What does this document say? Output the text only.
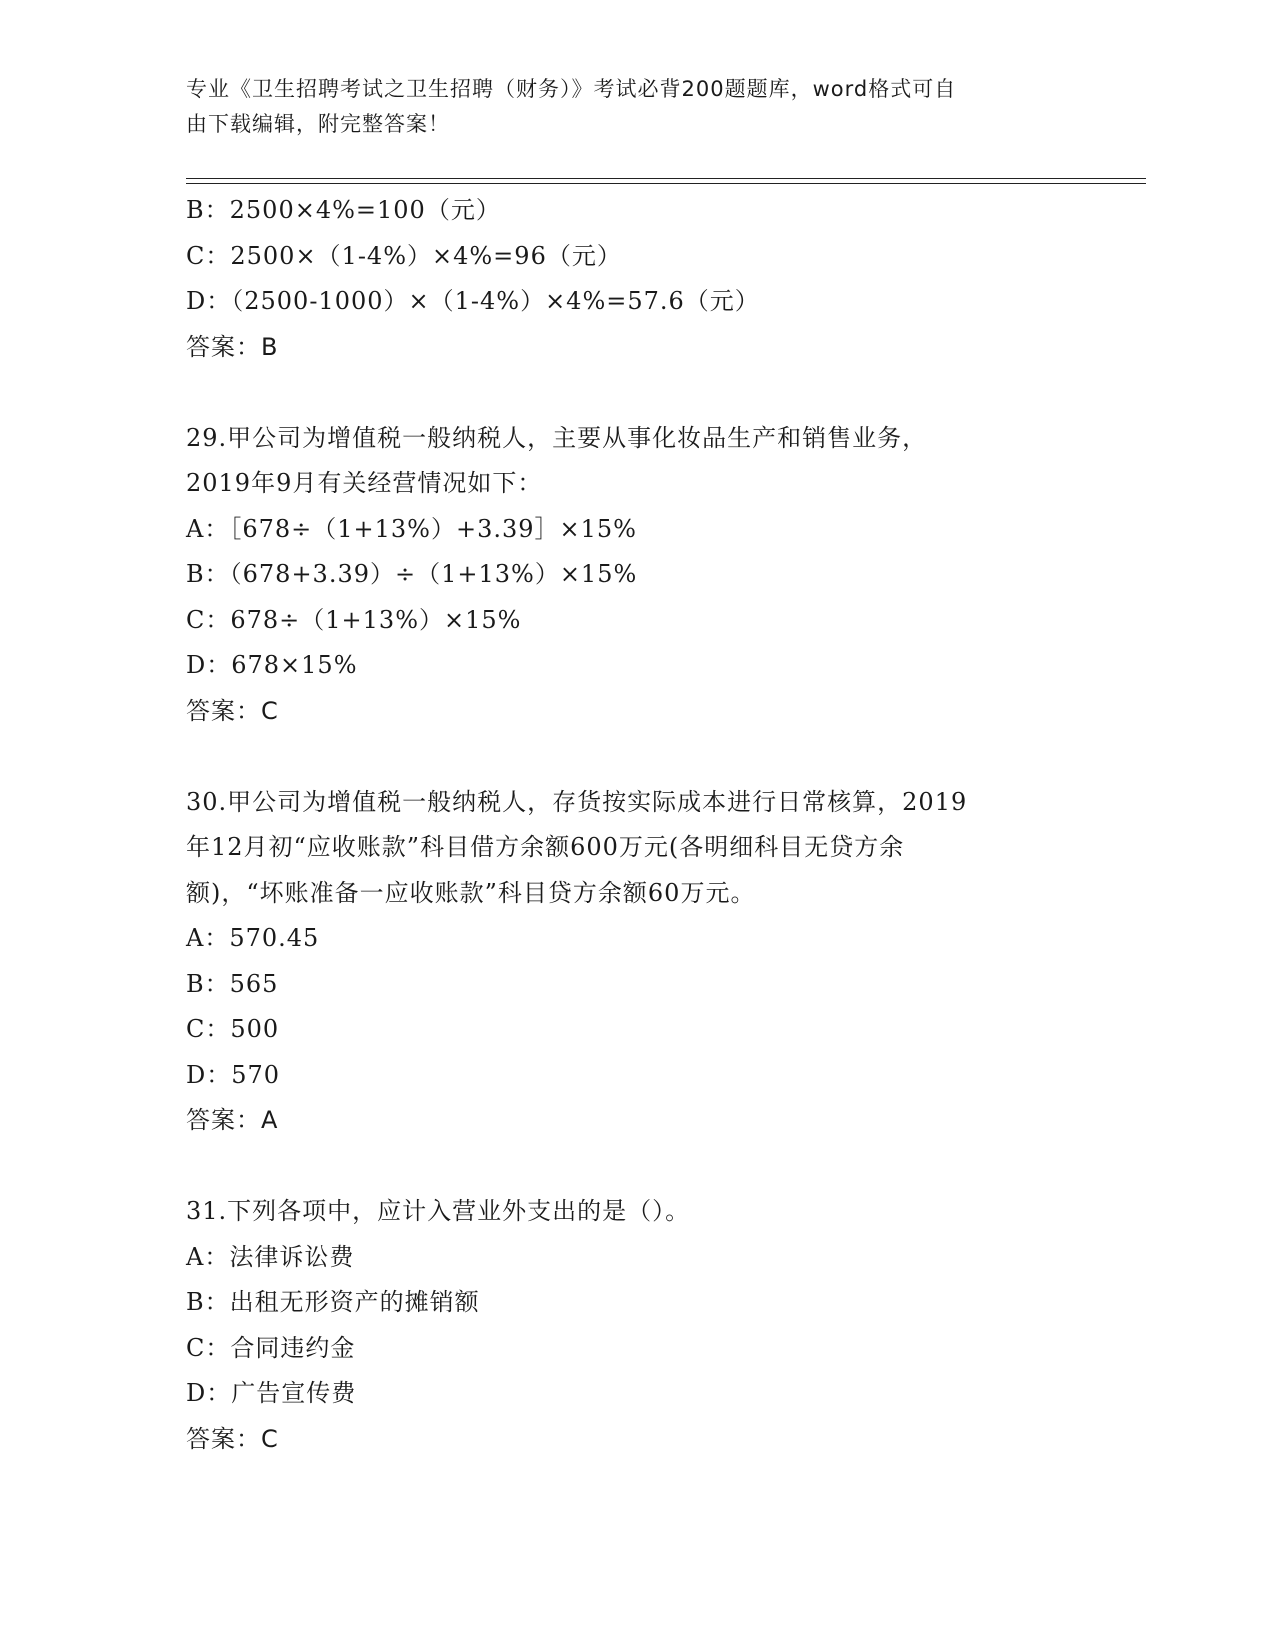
专业《卫生招聘考试之卫生招聘（财务）》考试必背200题题库，word格式可自
由下载编辑，附完整答案！
B：2500×4%=100（元）
C：2500×（1-4%）×4%=96（元）
D：（2500-1000）×（1-4%）×4%=57.6（元）
答案：B
29.甲公司为增值税一般纳税人，主要从事化妆品生产和销售业务，
2019年9月有关经营情况如下：
A：［678÷（1+13%）+3.39］×15%
B：（678+3.39）÷（1+13%）×15%
C：678÷（1+13%）×15%
D：678×15%
答案：C
30.甲公司为增值税一般纳税人，存货按实际成本进行日常核算，2019
年12月初“应收账款”科目借方余额600万元(各明细科目无贷方余
额)，“坏账准备一应收账款”科目贷方余额60万元。
A：570.45
B：565
C：500
D：570
答案：A
31.下列各项中，应计入营业外支出的是（）。
A：法律诉讼费
B：出租无形资产的摊销额
C：合同违约金
D：广告宣传费
答案：C
